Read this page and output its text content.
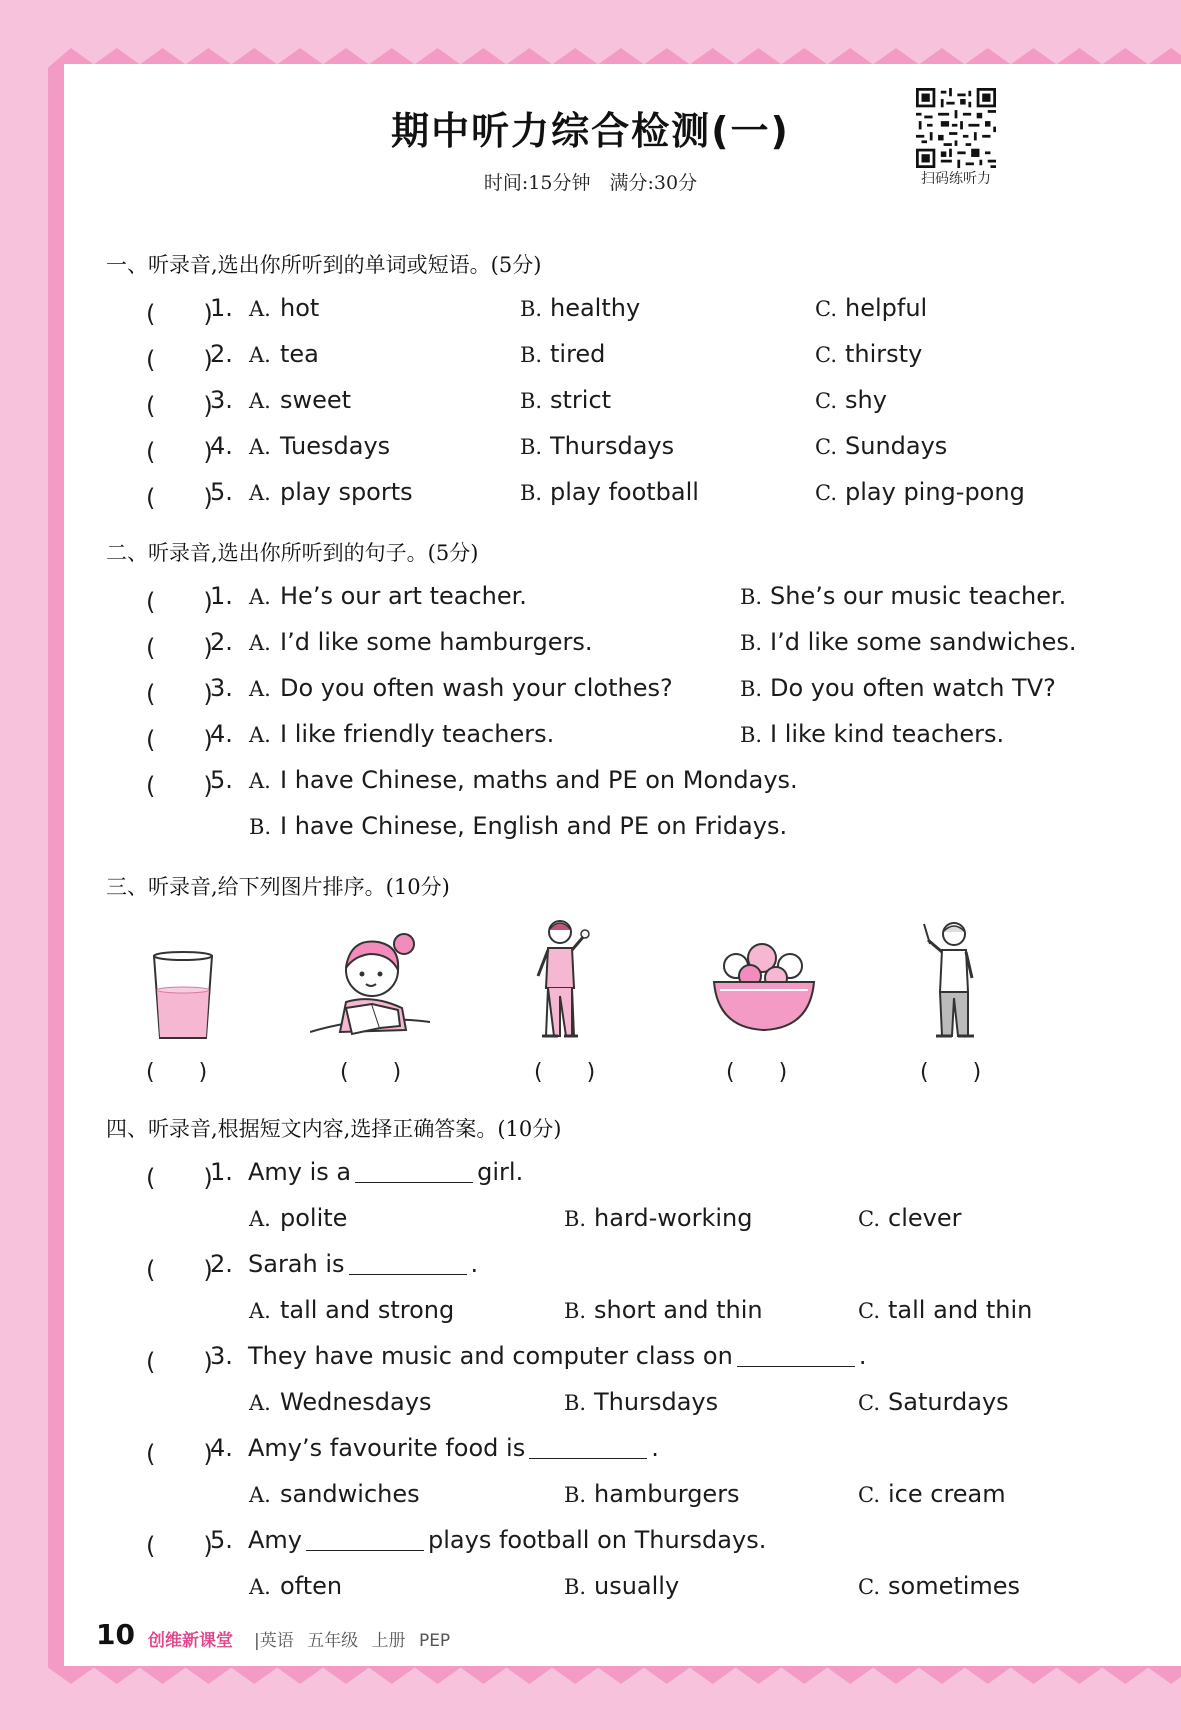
期中听力综合检测(一)
时间:15分钟　满分:30分	扫码练听力
一、听录音,选出你所听到的单词或短语。(5分)
(　　)
1. A. hot	B. healthy	C. helpful
(　　)
2. A. tea	B. tired	C. thirsty
(　　)
3. A. sweet	B. strict	C. shy
(　　)
4. A. Tuesdays	B. Thursdays	C. Sundays
(　　)
5. A. play sports	B. play football	C. play ping-pong
二、听录音,选出你所听到的句子。(5分)
(　　)
1. A. He’s our art teacher.	B. She’s our music teacher.
(　　)
2. A. I’d like some hamburgers.	B. I’d like some sandwiches.
(　　)
3. A. Do you often wash your clothes?	B. Do you often watch TV?
(　　)
4. A. I like friendly teachers.	B. I like kind teachers.
(　　)
5. A. I have Chinese, maths and PE on Mondays.
B. I have Chinese, English and PE on Fridays.
三、听录音,给下列图片排序。(10分)
(　　)	(　　)	(　　)	(　　)	(　　)
四、听录音,根据短文内容,选择正确答案。(10分)
(　　)
1. Amy is a	girl.
A. polite	B. hard-working	C. clever
(　　)
2. Sarah is	.
A. tall and strong	B. short and thin	C. tall and thin
(　　)
3. They have music and computer class on	.
A. Wednesdays	B. Thursdays	C. Saturdays
(　　)
4. Amy’s favourite food is	.
A. sandwiches	B. hamburgers	C. ice cream
(　　)
5. Amy	plays football on Thursdays.
A. often	B. usually	C. sometimes
10 创维新课堂 |英语 五年级 上册 PEP
